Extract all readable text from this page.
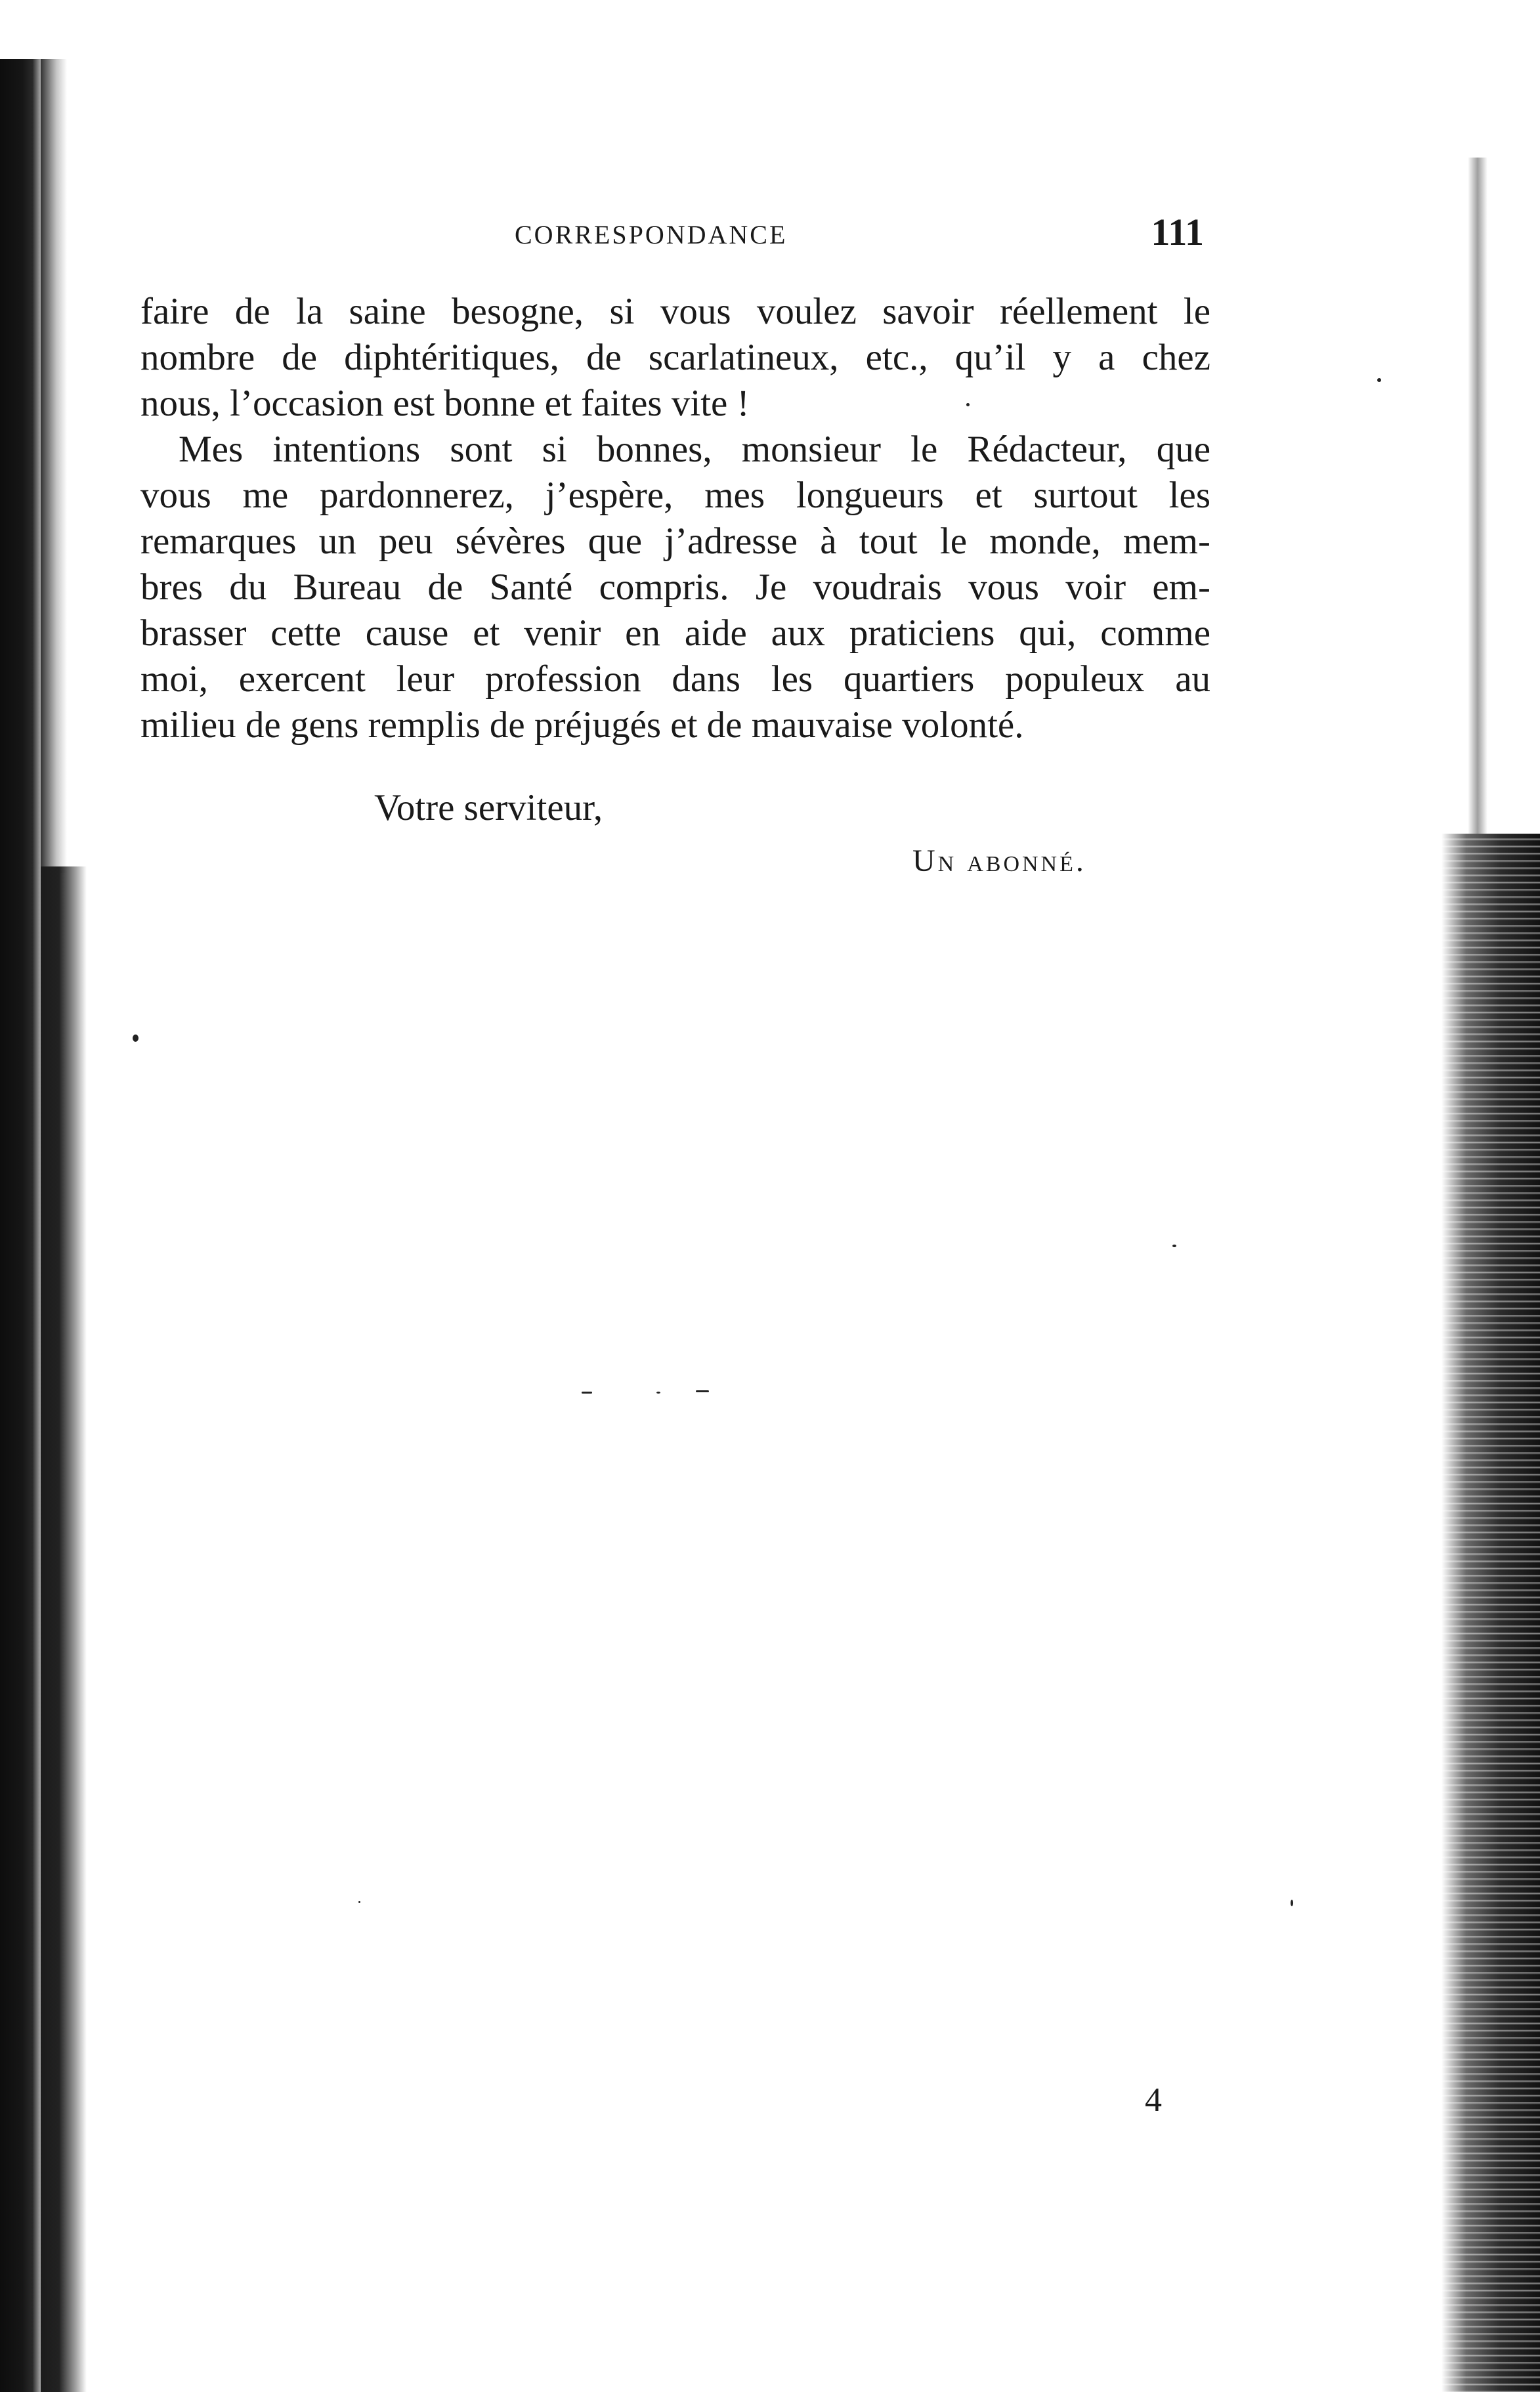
CORRESPONDANCE	111
faire de la saine besogne, si vous voulez savoir réellement le
nombre de diphtéritiques, de scarlatineux, etc., qu’il y a chez
nous, l’occasion est bonne et faites vite !
Mes intentions sont si bonnes, monsieur le Rédacteur, que
vous me pardonnerez, j’espère, mes longueurs et surtout les
remarques un peu sévères que j’adresse à tout le monde, mem-
bres du Bureau de Santé compris. Je voudrais vous voir em-
brasser cette cause et venir en aide aux praticiens qui, comme
moi, exercent leur profession dans les quartiers populeux au
milieu de gens remplis de préjugés et de mauvaise volonté.
Votre serviteur,
Un abonné.
4
